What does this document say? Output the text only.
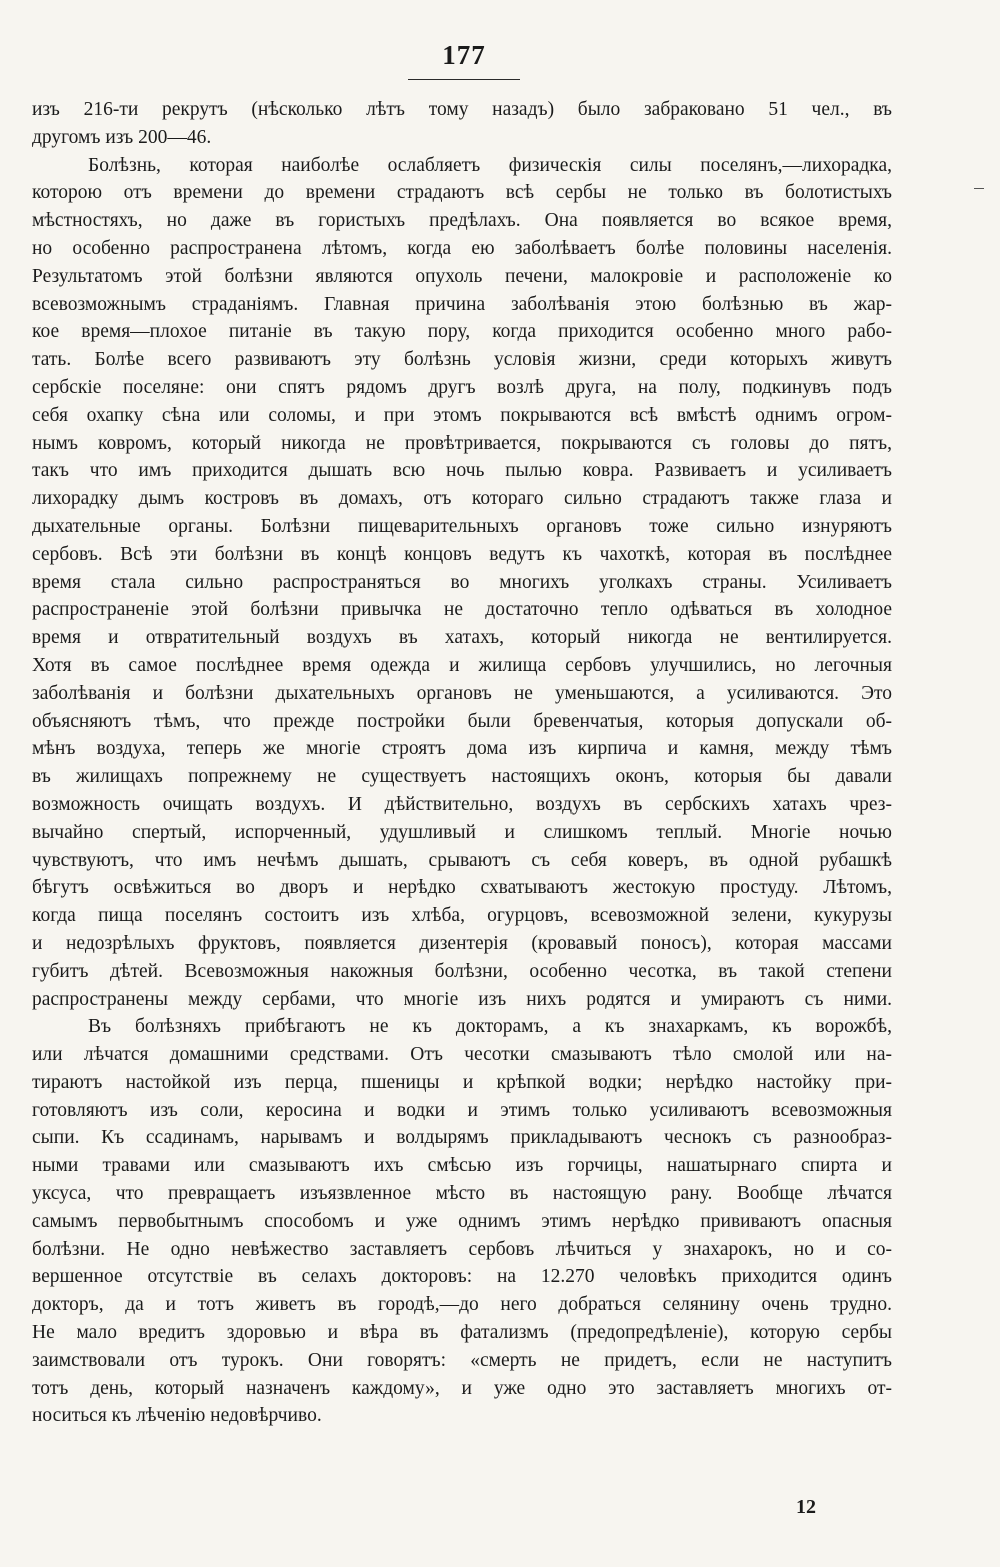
177
изъ 216-ти рекрутъ (нѣсколько лѣтъ тому назадъ) было забраковано 51 чел., въ
другомъ изъ 200—46.
Болѣзнь, которая наиболѣе ослабляетъ физическія силы поселянъ,—лихорадка,
которою отъ времени до времени страдаютъ всѣ сербы не только въ болотистыхъ
мѣстностяхъ, но даже въ гористыхъ предѣлахъ. Она появляется во всякое время,
но особенно распространена лѣтомъ, когда ею заболѣваетъ болѣе половины населенія.
Результатомъ этой болѣзни являются опухоль печени, малокровіе и расположеніе ко
всевозможнымъ страданіямъ. Главная причина заболѣванія этою болѣзнью въ жар-
кое время—плохое питаніе въ такую пору, когда приходится особенно много рабо-
тать. Болѣе всего развиваютъ эту болѣзнь условія жизни, среди которыхъ живутъ
сербскіе поселяне: они спятъ рядомъ другъ возлѣ друга, на полу, подкинувъ подъ
себя охапку сѣна или соломы, и при этомъ покрываются всѣ вмѣстѣ однимъ огром-
нымъ ковромъ, который никогда не провѣтривается, покрываются съ головы до пятъ,
такъ что имъ приходится дышать всю ночь пылью ковра. Развиваетъ и усиливаетъ
лихорадку дымъ костровъ въ домахъ, отъ котораго сильно страдаютъ также глаза и
дыхательные органы. Болѣзни пищеварительныхъ органовъ тоже сильно изнуряютъ
сербовъ. Всѣ эти болѣзни въ концѣ концовъ ведутъ къ чахоткѣ, которая въ послѣднее
время стала сильно распространяться во многихъ уголкахъ страны. Усиливаетъ
распространеніе этой болѣзни привычка не достаточно тепло одѣваться въ холодное
время и отвратительный воздухъ въ хатахъ, который никогда не вентилируется.
Хотя въ самое послѣднее время одежда и жилища сербовъ улучшились, но легочныя
заболѣванія и болѣзни дыхательныхъ органовъ не уменьшаются, а усиливаются. Это
объясняютъ тѣмъ, что прежде постройки были бревенчатыя, которыя допускали об-
мѣнъ воздуха, теперь же многіе строятъ дома изъ кирпича и камня, между тѣмъ
въ жилищахъ попрежнему не существуетъ настоящихъ оконъ, которыя бы давали
возможность очищать воздухъ. И дѣйствительно, воздухъ въ сербскихъ хатахъ чрез-
вычайно спертый, испорченный, удушливый и слишкомъ теплый. Многіе ночью
чувствуютъ, что имъ нечѣмъ дышать, срываютъ съ себя коверъ, въ одной рубашкѣ
бѣгутъ освѣжиться во дворъ и нерѣдко схватываютъ жестокую простуду. Лѣтомъ,
когда пища поселянъ состоитъ изъ хлѣба, огурцовъ, всевозможной зелени, кукурузы
и недозрѣлыхъ фруктовъ, появляется дизентерія (кровавый поносъ), которая массами
губитъ дѣтей. Всевозможныя накожныя болѣзни, особенно чесотка, въ такой степени
распространены между сербами, что многіе изъ нихъ родятся и умираютъ съ ними.
Въ болѣзняхъ прибѣгаютъ не къ докторамъ, а къ знахаркамъ, къ ворожбѣ,
или лѣчатся домашними средствами. Отъ чесотки смазываютъ тѣло смолой или на-
тираютъ настойкой изъ перца, пшеницы и крѣпкой водки; нерѣдко настойку при-
готовляютъ изъ соли, керосина и водки и этимъ только усиливаютъ всевозможныя
сыпи. Къ ссадинамъ, нарывамъ и волдырямъ прикладываютъ чеснокъ съ разнообраз-
ными травами или смазываютъ ихъ смѣсью изъ горчицы, нашатырнаго спирта и
уксуса, что превращаетъ изъязвленное мѣсто въ настоящую рану. Вообще лѣчатся
самымъ первобытнымъ способомъ и уже однимъ этимъ нерѣдко прививаютъ опасныя
болѣзни. Не одно невѣжество заставляетъ сербовъ лѣчиться у знахарокъ, но и со-
вершенное отсутствіе въ селахъ докторовъ: на 12.270 человѣкъ приходится одинъ
докторъ, да и тотъ живетъ въ городѣ,—до него добраться селянину очень трудно.
Не мало вредитъ здоровью и вѣра въ фатализмъ (предопредѣленіе), которую сербы
заимствовали отъ турокъ. Они говорятъ: «смерть не придетъ, если не наступитъ
тотъ день, который назначенъ каждому», и уже одно это заставляетъ многихъ от-
носиться къ лѣченію недовѣрчиво.
12
